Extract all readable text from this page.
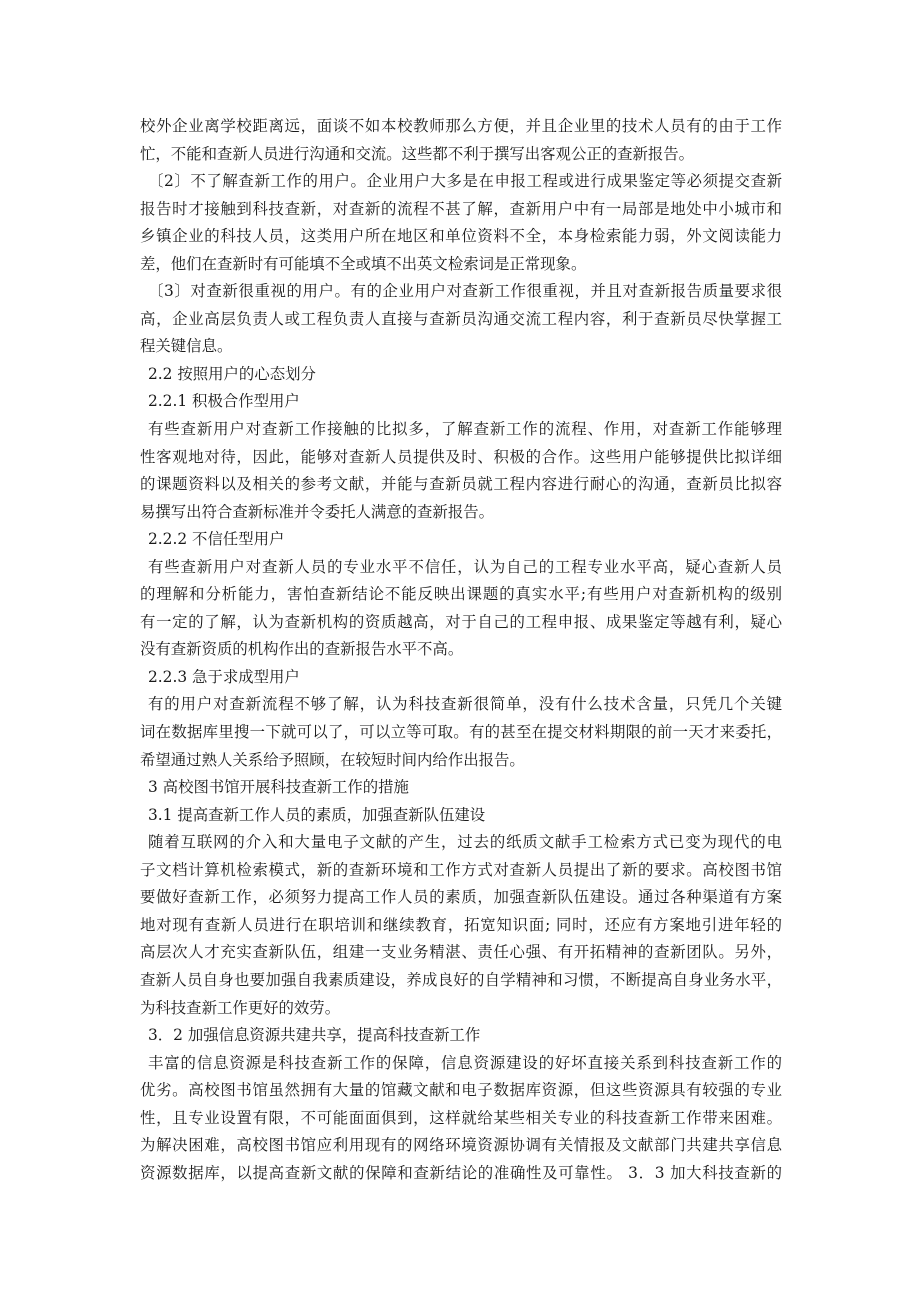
校外企业离学校距离远，面谈不如本校教师那么方便，并且企业里的技术人员有的由于工作
忙，不能和查新人员进行沟通和交流。这些都不利于撰写出客观公正的查新报告。
〔2〕不了解查新工作的用户。企业用户大多是在申报工程或进行成果鉴定等必须提交查新
报告时才接触到科技查新，对查新的流程不甚了解，查新用户中有一局部是地处中小城市和
乡镇企业的科技人员，这类用户所在地区和单位资料不全，本身检索能力弱，外文阅读能力
差，他们在查新时有可能填不全或填不出英文检索词是正常现象。
〔3〕对查新很重视的用户。有的企业用户对查新工作很重视，并且对查新报告质量要求很
高，企业高层负责人或工程负责人直接与查新员沟通交流工程内容，利于查新员尽快掌握工
程关键信息。
2.2 按照用户的心态划分
2.2.1 积极合作型用户
有些查新用户对查新工作接触的比拟多，了解查新工作的流程、作用，对查新工作能够理
性客观地对待，因此，能够对查新人员提供及时、积极的合作。这些用户能够提供比拟详细
的课题资料以及相关的参考文献，并能与查新员就工程内容进行耐心的沟通，查新员比拟容
易撰写出符合查新标准并令委托人满意的查新报告。
2.2.2 不信任型用户
有些查新用户对查新人员的专业水平不信任，认为自己的工程专业水平高，疑心查新人员
的理解和分析能力，害怕查新结论不能反映出课题的真实水平;有些用户对查新机构的级别
有一定的了解，认为查新机构的资质越高，对于自己的工程申报、成果鉴定等越有利，疑心
没有查新资质的机构作出的查新报告水平不高。
2.2.3 急于求成型用户
有的用户对查新流程不够了解，认为科技查新很简单，没有什么技术含量，只凭几个关键
词在数据库里搜一下就可以了，可以立等可取。有的甚至在提交材料期限的前一天才来委托，
希望通过熟人关系给予照顾，在较短时间内给作出报告。
3 高校图书馆开展科技查新工作的措施
3.1 提高查新工作人员的素质，加强查新队伍建设
随着互联网的介入和大量电子文献的产生，过去的纸质文献手工检索方式已变为现代的电
子文档计算机检索模式，新的查新环境和工作方式对查新人员提出了新的要求。高校图书馆
要做好查新工作，必须努力提高工作人员的素质，加强查新队伍建设。通过各种渠道有方案
地对现有查新人员进行在职培训和继续教育，拓宽知识面; 同时，还应有方案地引进年轻的
高层次人才充实查新队伍，组建一支业务精湛、责任心强、有开拓精神的查新团队。另外，
查新人员自身也要加强自我素质建设，养成良好的自学精神和习惯，不断提高自身业务水平，
为科技查新工作更好的效劳。
3．2 加强信息资源共建共享，提高科技查新工作
丰富的信息资源是科技查新工作的保障，信息资源建设的好坏直接关系到科技查新工作的
优劣。高校图书馆虽然拥有大量的馆藏文献和电子数据库资源，但这些资源具有较强的专业
性，且专业设置有限，不可能面面俱到，这样就给某些相关专业的科技查新工作带来困难。
为解决困难，高校图书馆应利用现有的网络环境资源协调有关情报及文献部门共建共享信息
资源数据库，以提高查新文献的保障和查新结论的准确性及可靠性。 3．3 加大科技查新的
